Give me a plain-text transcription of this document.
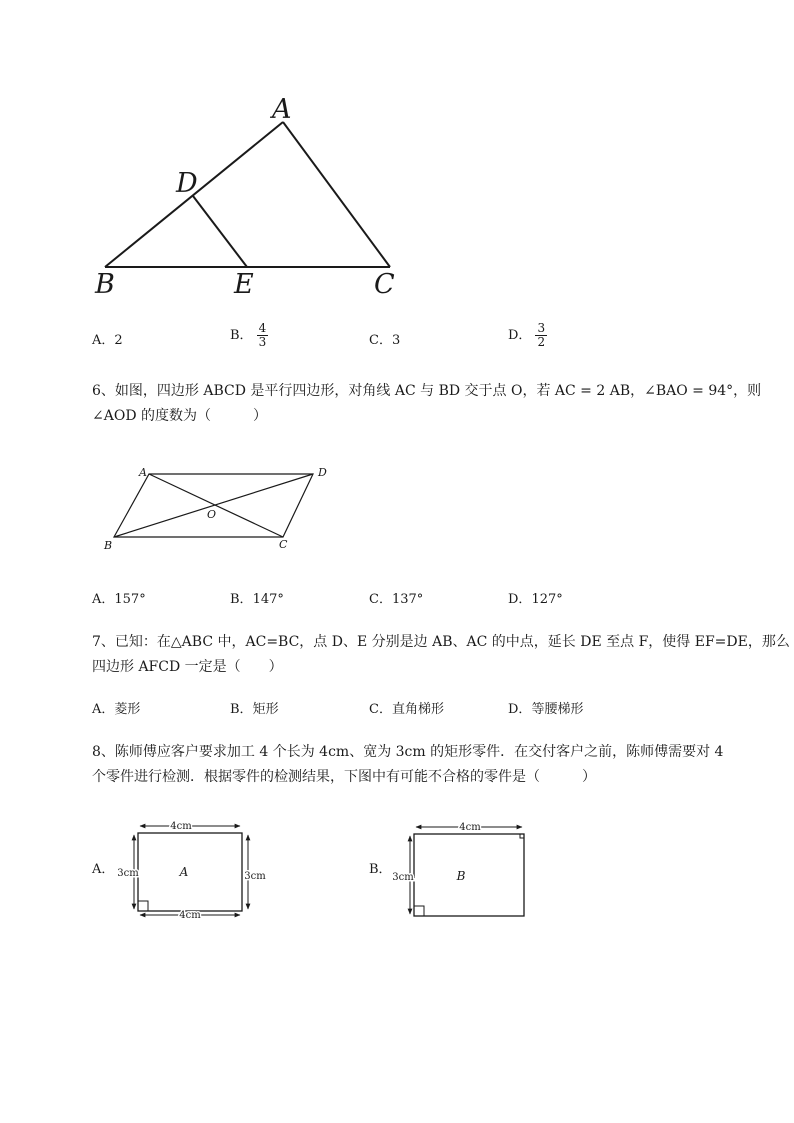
A
D
B	E	C
A．2	B． $\frac{4}{3}$	C．3	D． $\frac{3}{2}$
6、如图，四边形 ABCD 是平行四边形，对角线 AC 与 BD 交于点 O，若 AC = 2 AB，∠BAO = 94°，则
∠AOD 的度数为（　　　）
A	D
O
B	C
A．157°	B．147°	C．137°	D．127°
7、已知：在△ABC 中，AC=BC，点 D、E 分别是边 AB、AC 的中点，延长 DE 至点 F，使得 EF=DE，那么
四边形 AFCD 一定是（　　）
A．菱形	B．矩形	C．直角梯形	D．等腰梯形
8、陈师傅应客户要求加工 4 个长为 4cm、宽为 3cm 的矩形零件．在交付客户之前，陈师傅需要对 4
个零件进行检测．根据零件的检测结果，下图中有可能不合格的零件是（　　　）
A．	B．
4cm
4cm
3cm	3cm
A
4cm
3cm	B
